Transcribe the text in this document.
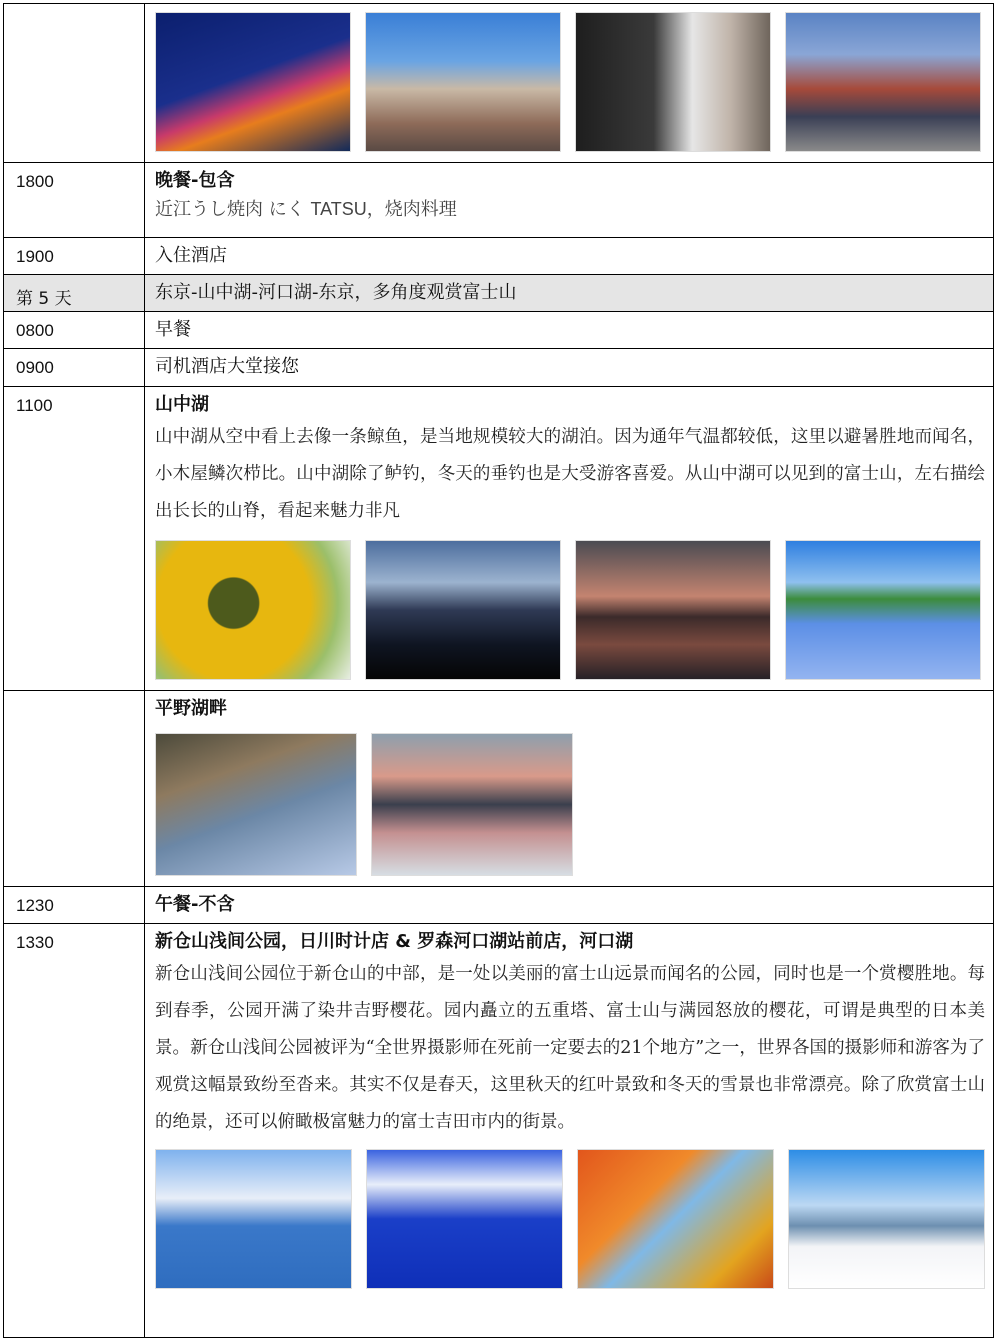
1800	晚餐-包含
近江うし焼肉 にく TATSU，烧肉料理

1900	入住酒店

第 5 天	东京-山中湖-河口湖-东京，多角度观赏富士山

0800	早餐

0900	司机酒店大堂接您

1100	山中湖
山中湖从空中看上去像一条鲸鱼，是当地规模较大的湖泊。因为通年气温都较低，这里以避暑胜地而闻名，小木屋鳞次栉比。山中湖除了鲈钓，冬天的垂钓也是大受游客喜爱。从山中湖可以见到的富士山，左右描绘出长长的山脊，看起来魅力非凡

	平野湖畔

1230	午餐-不含

1330	新仓山浅间公园，日川时计店 & 罗森河口湖站前店，河口湖
新仓山浅间公园位于新仓山的中部，是一处以美丽的富士山远景而闻名的公园，同时也是一个赏樱胜地。每到春季，公园开满了染井吉野樱花。园内矗立的五重塔、富士山与满园怒放的樱花，可谓是典型的日本美景。新仓山浅间公园被评为“全世界摄影师在死前一定要去的21个地方”之一，世界各国的摄影师和游客为了观赏这幅景致纷至沓来。其实不仅是春天，这里秋天的红叶景致和冬天的雪景也非常漂亮。除了欣赏富士山的绝景，还可以俯瞰极富魅力的富士吉田市内的街景。
